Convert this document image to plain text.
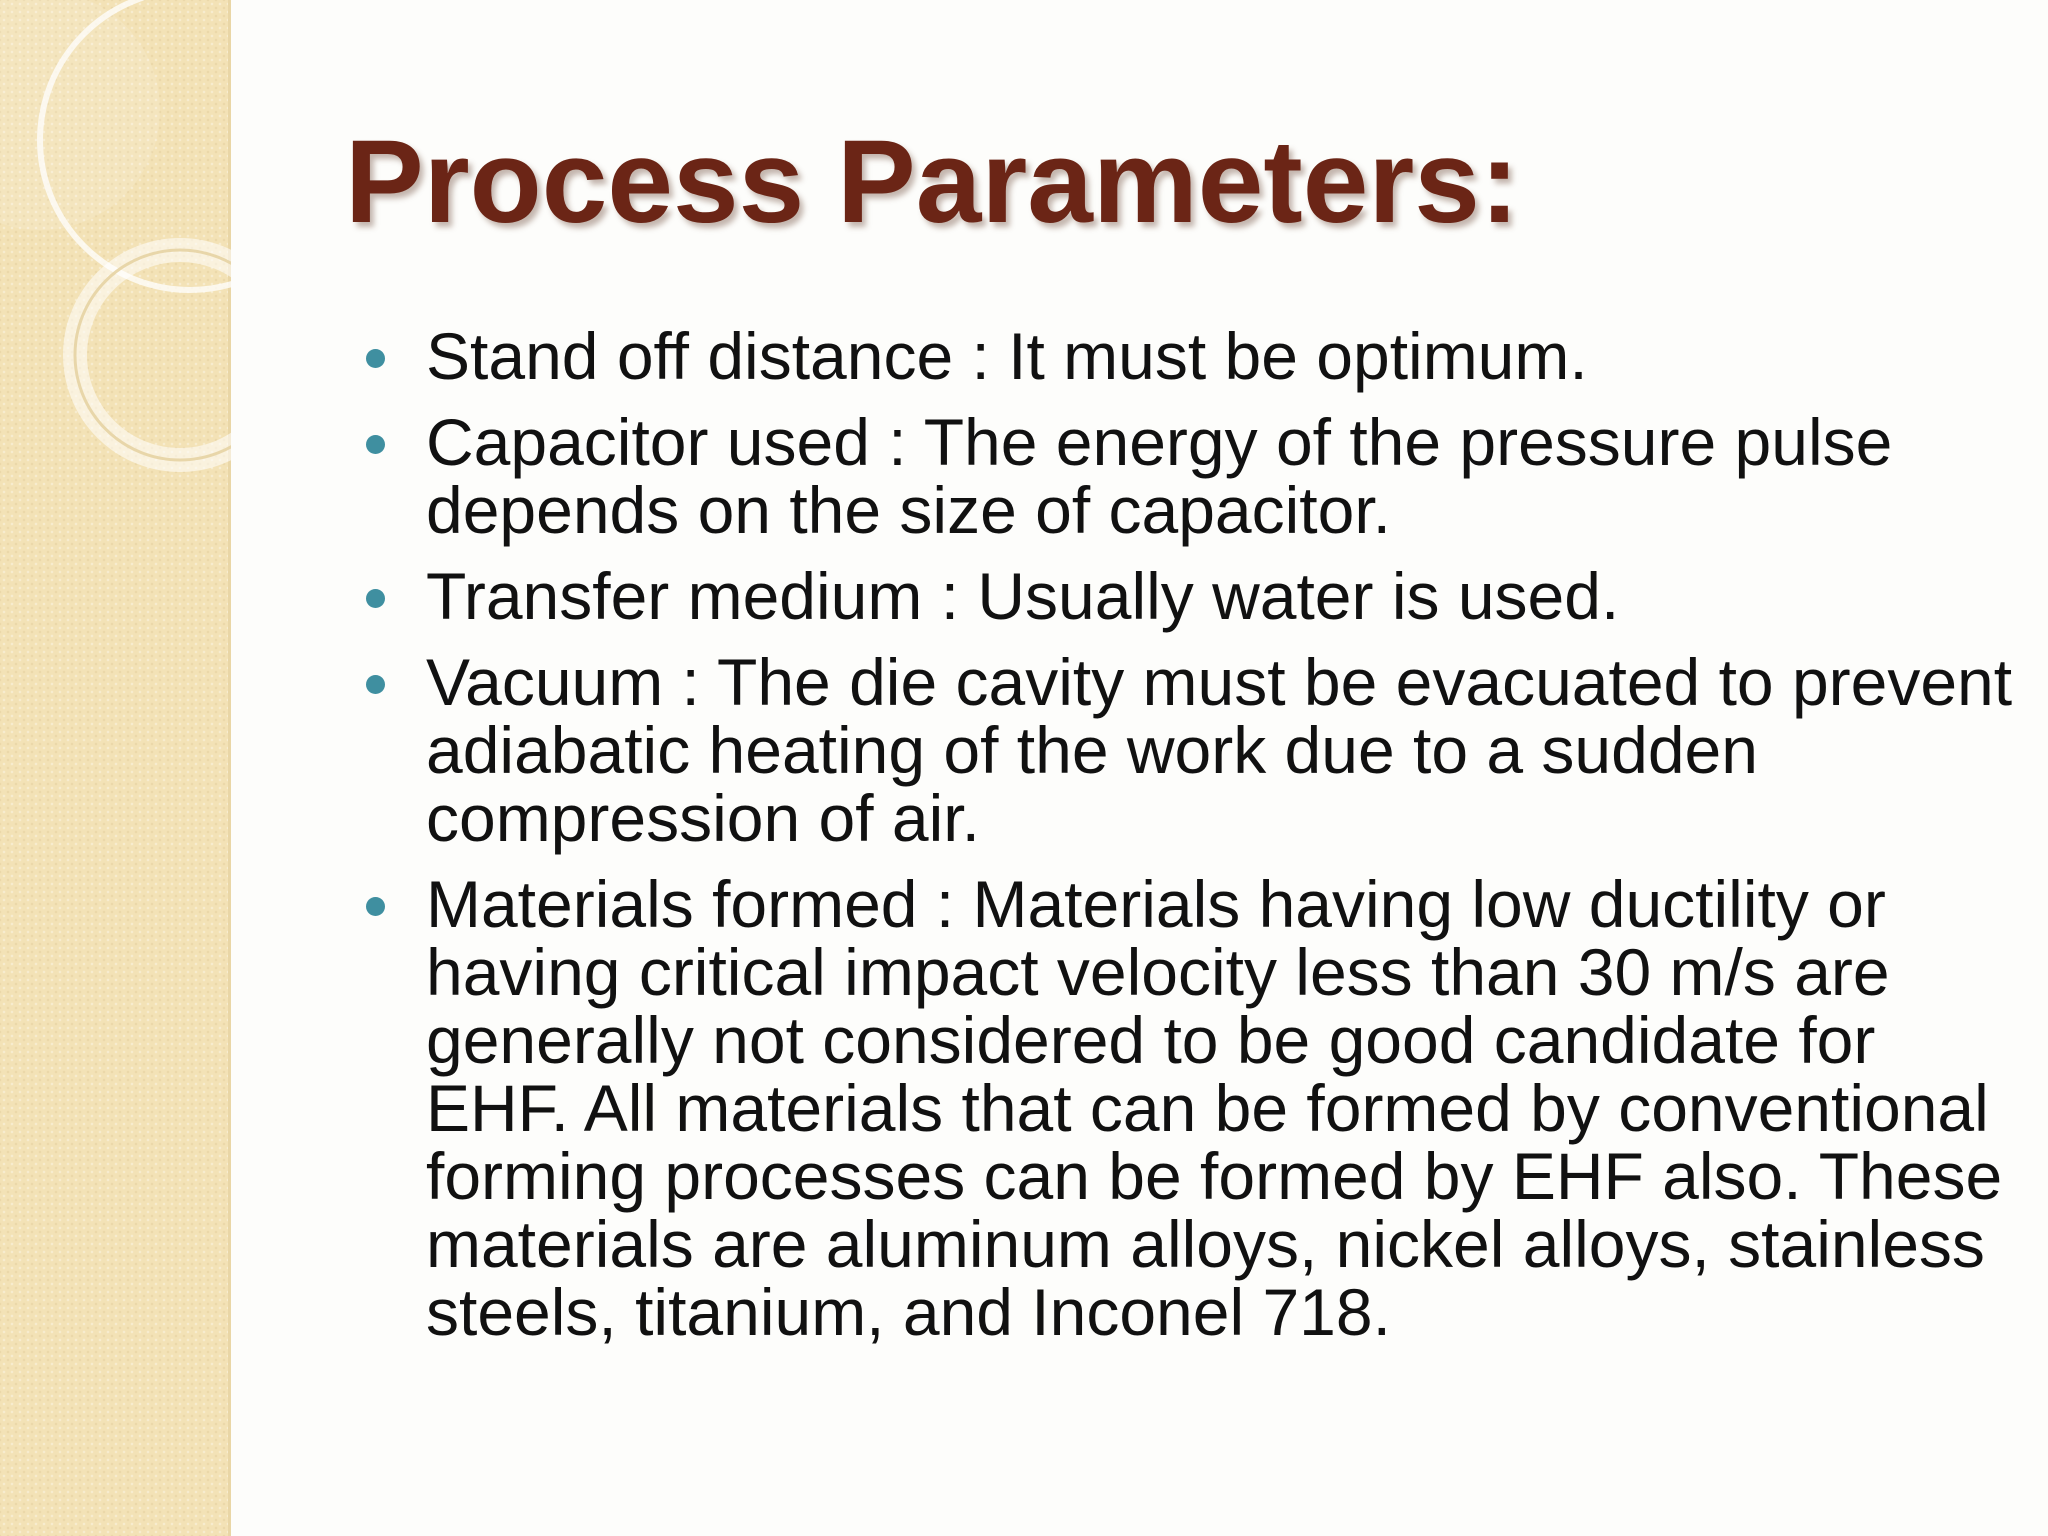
Process Parameters:
Stand off distance : It must be optimum.
Capacitor used : The energy of the pressure pulse depends on the size of capacitor.
Transfer medium : Usually water is used.
Vacuum : The die cavity must be evacuated to prevent adiabatic heating of the work due to a sudden compression of air.
Materials formed : Materials having low ductility or having critical impact velocity less than 30 m/s are generally not considered to be good candidate for EHF. All materials that can be formed by conventional forming processes can be formed by EHF also. These materials are aluminum alloys, nickel alloys, stainless steels, titanium, and Inconel 718.
